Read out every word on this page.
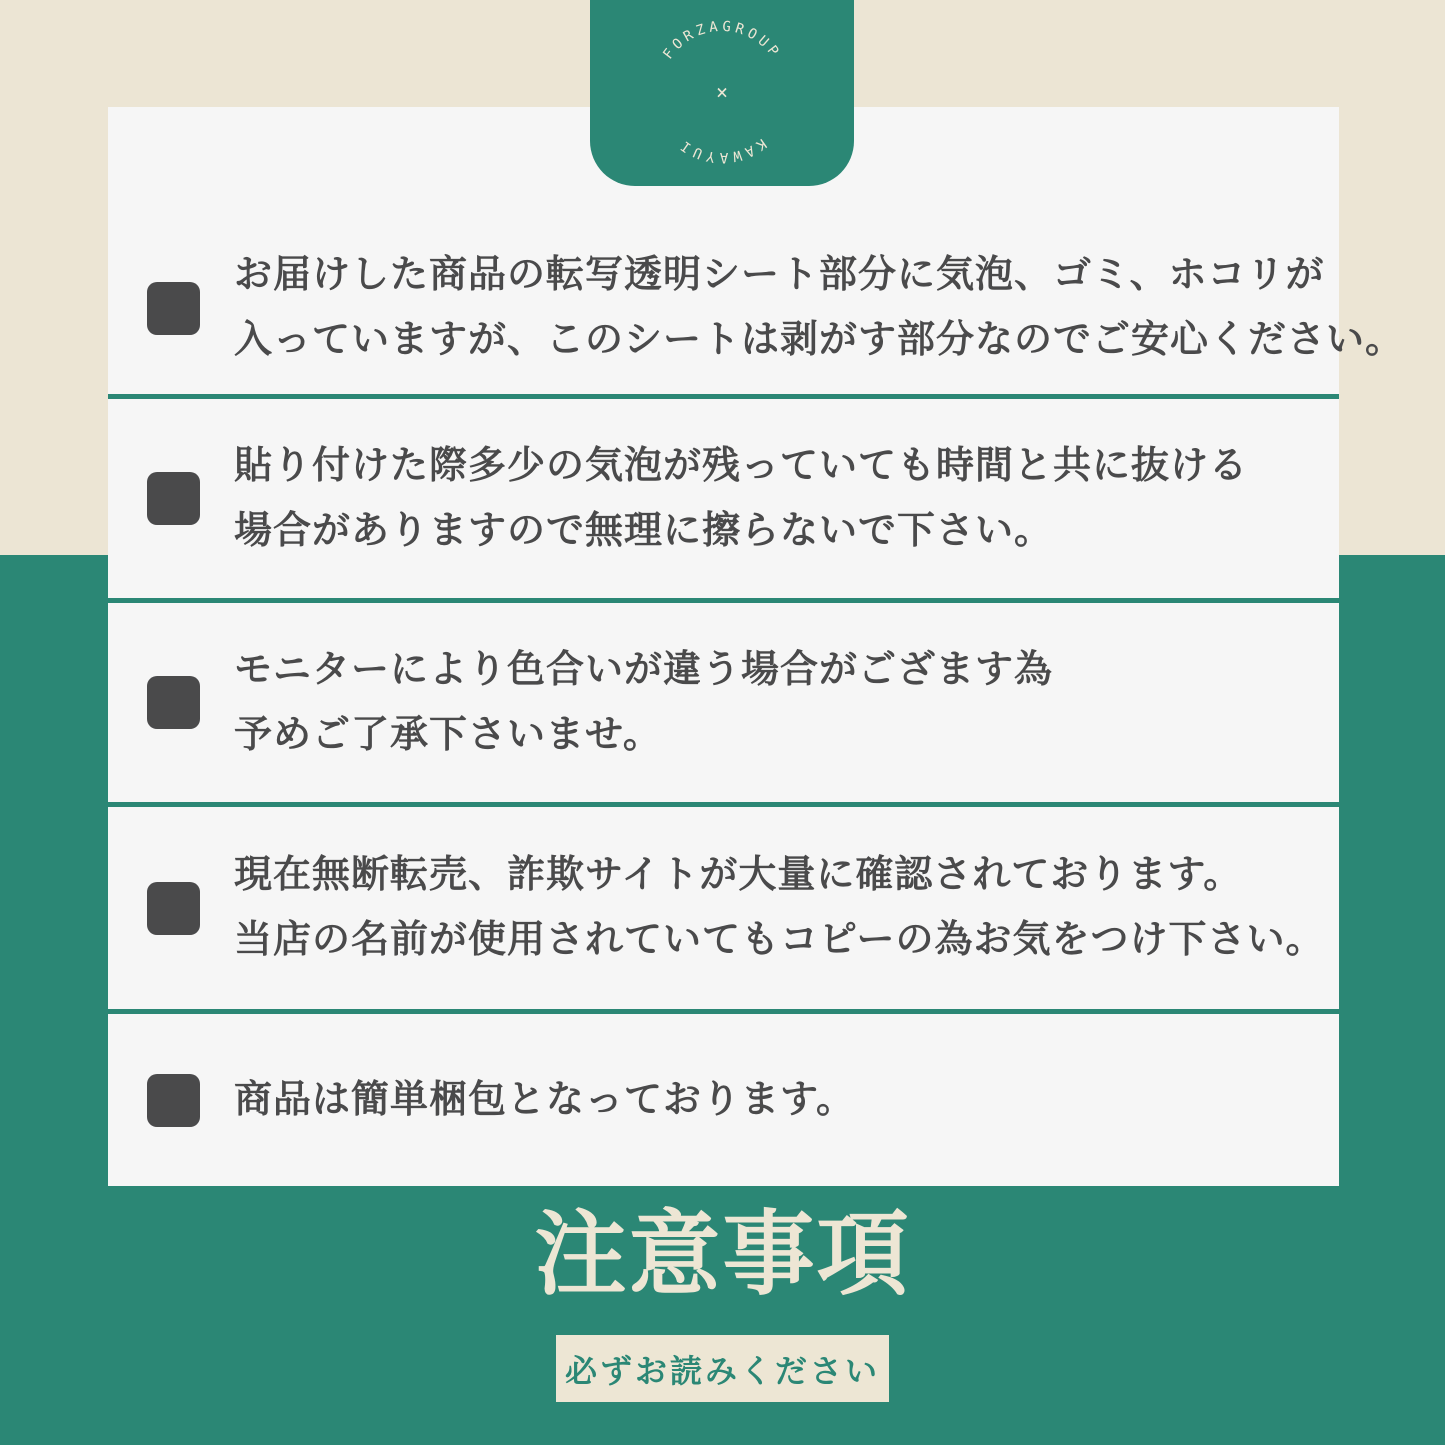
お届けした商品の転写透明シート部分に気泡、ゴミ、ホコリが
入っていますが、このシートは剥がす部分なのでご安心ください。
貼り付けた際多少の気泡が残っていても時間と共に抜ける
場合がありますので無理に擦らないで下さい。
モニターにより色合いが違う場合がござます為
予めご了承下さいませ。
現在無断転売、詐欺サイトが大量に確認されております。
当店の名前が使用されていてもコピーの為お気をつけ下さい。
商品は簡単梱包となっております。
FORZAGROUP
KAWAYUI
×
注意事項
必ずお読みください
